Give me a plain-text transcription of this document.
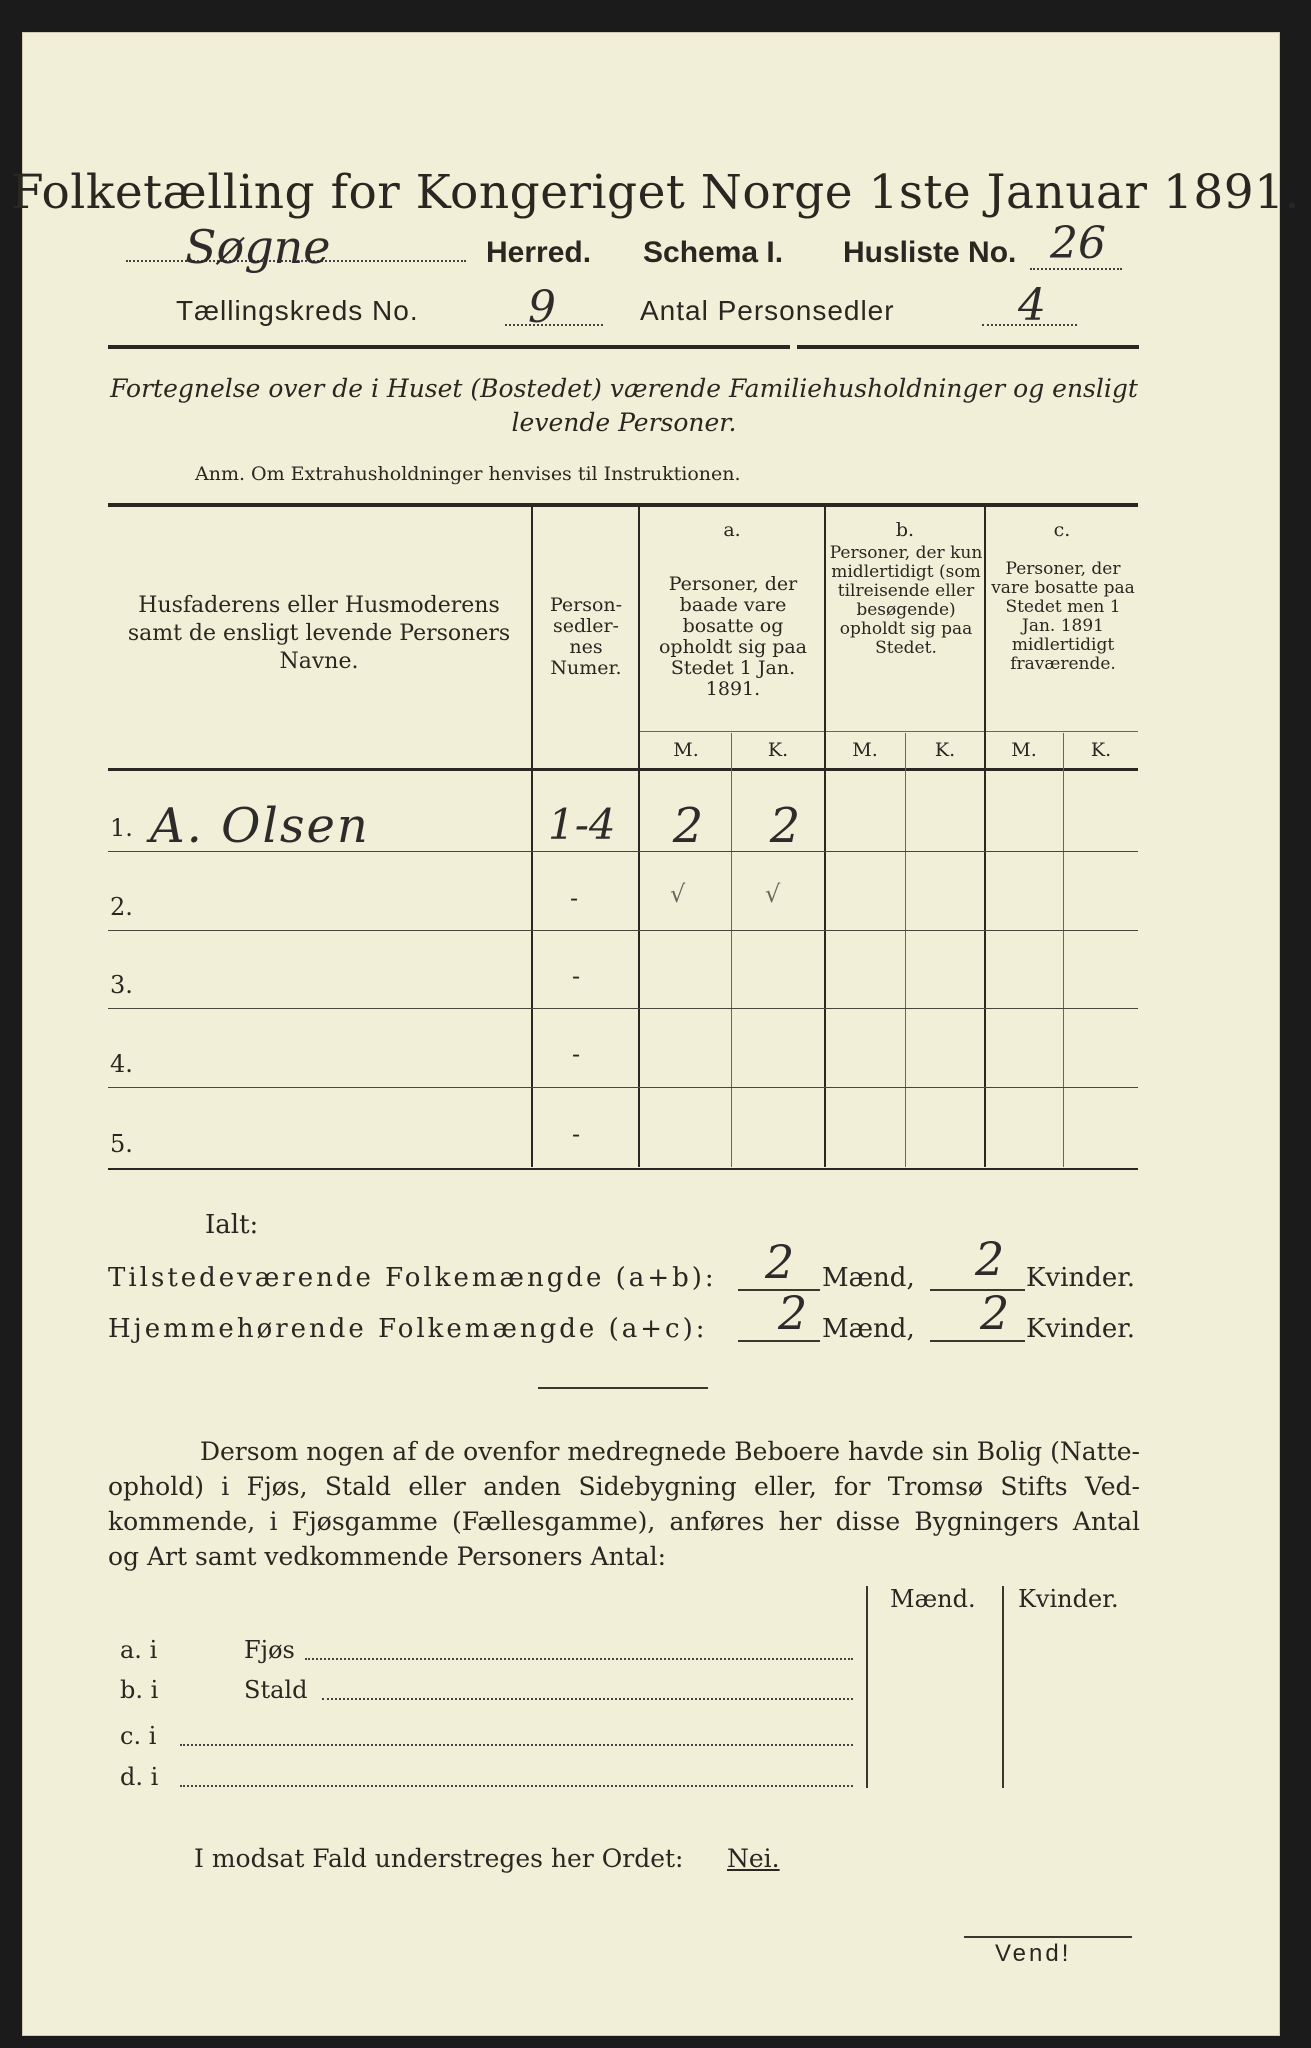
Folketælling for Kongeriget Norge 1ste Januar 1891.
Søgne	Herred. Schema I. Husliste No. 26
Tællingskreds No. 9	Antal Personsedler	4
Fortegnelse over de i Huset (Bostedet) værende Familiehusholdninger og ensligt levende Personer.
Anm. Om Extrahusholdninger henvises til Instruktionen.
Husfaderens eller Husmoderens samt de ensligt levende Personers Navne.
Person-sedler-nes Numer.
a.
Personer, der baade vare bosatte og opholdt sig paa Stedet 1 Jan. 1891.
b.
Personer, der kun midlertidigt (som tilreisende eller besøgende) opholdt sig paa Stedet.
c.
Personer, der vare bosatte paa Stedet men 1 Jan. 1891 midlertidigt fraværende.
M.	K.	M.	K.	M.	K.
1. A. Olsen	1-4	2	2
2.	-	√	√
3.	-
4.	-
5.	-
Ialt:
Tilstedeværende Folkemængde (a+b): 2 Mænd, 2 Kvinder.
Hjemmehørende Folkemængde (a+c): 2 Mænd, 2 Kvinder.
Dersom nogen af de ovenfor medregnede Beboere havde sin Bolig (Natte-
ophold) i Fjøs, Stald eller anden Sidebygning eller, for Tromsø Stifts Ved-
kommende, i Fjøsgamme (Fællesgamme), anføres her disse Bygningers Antal
og Art samt vedkommende Personers Antal:
Mænd. Kvinder.
a. i	Fjøs
b. i	Stald
c. i
d. i
I modsat Fald understreges her Ordet: Nei.
Vend!
